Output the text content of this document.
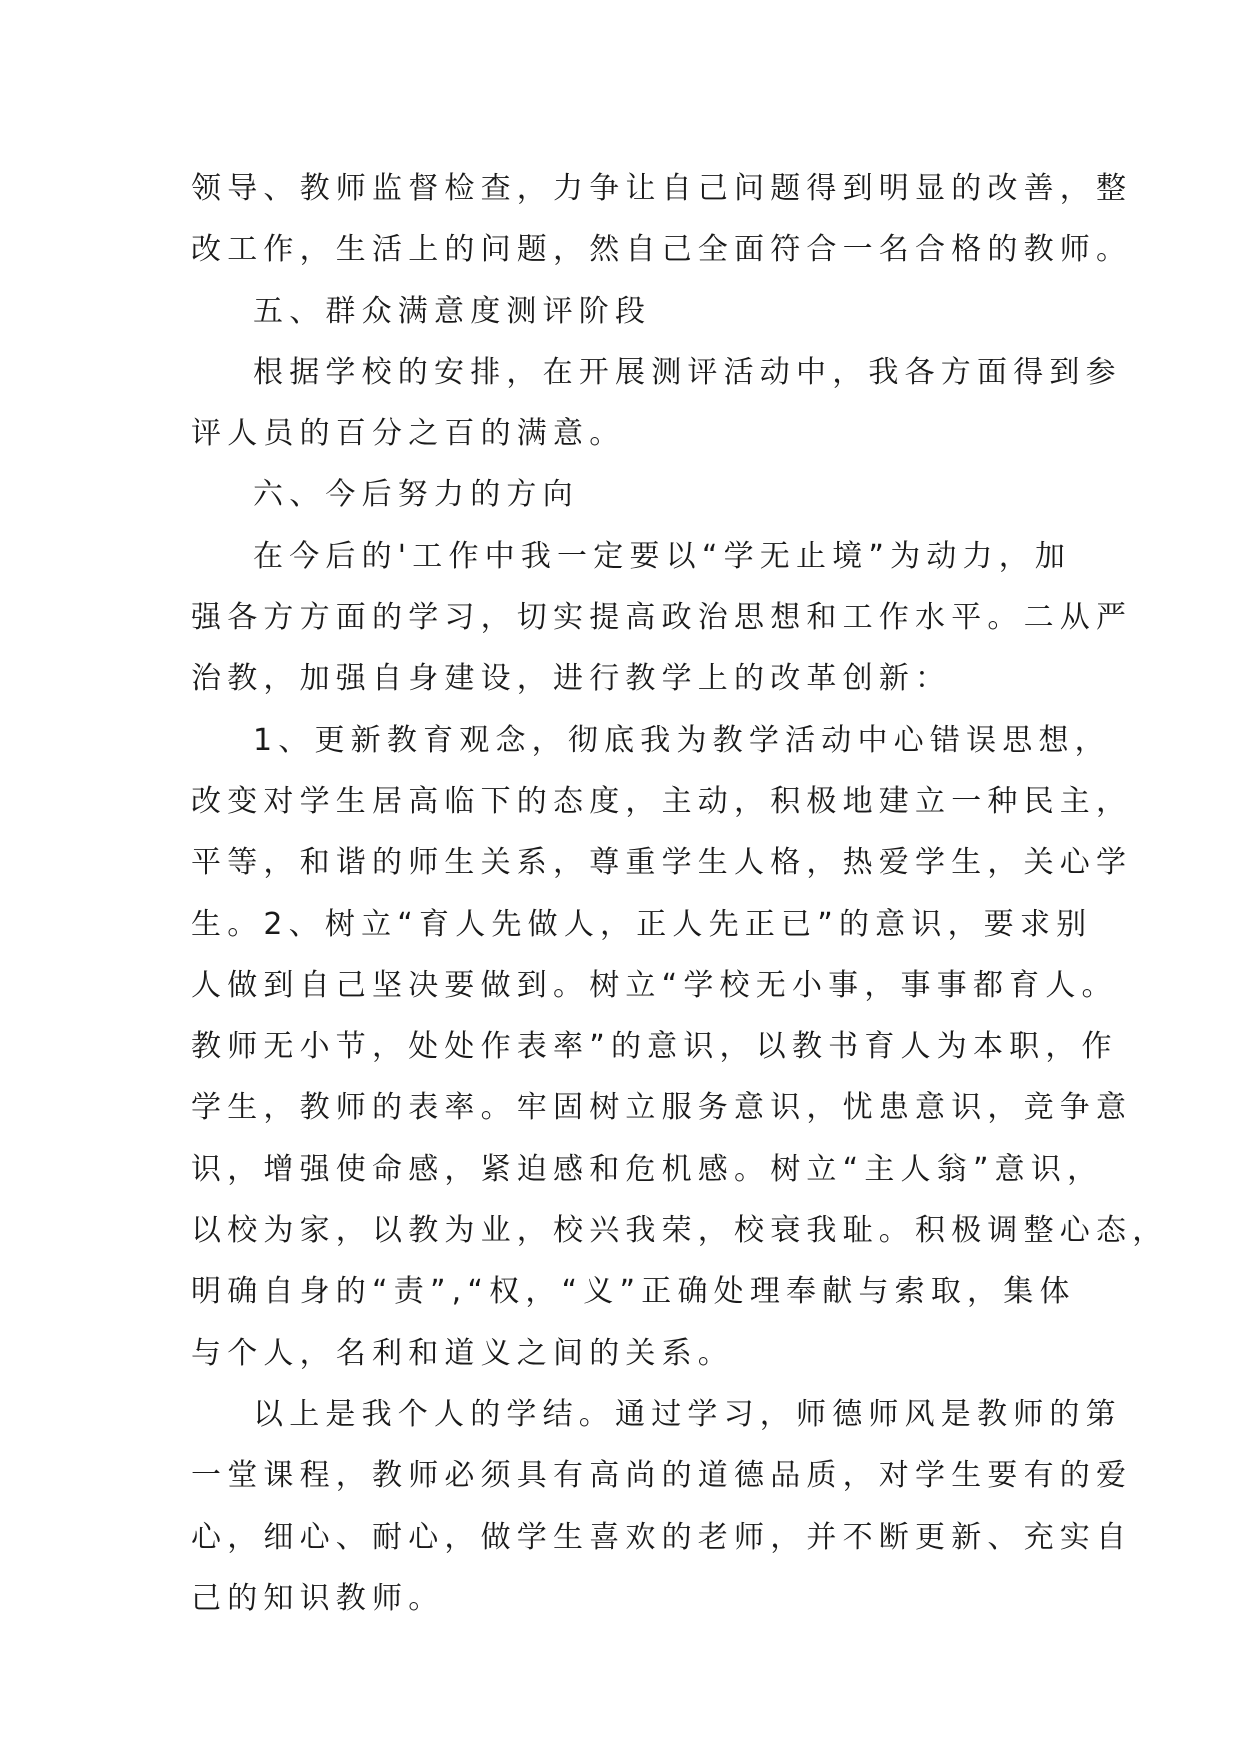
领导、教师监督检查，力争让自己问题得到明显的改善，整
改工作，生活上的问题，然自己全面符合一名合格的教师。
五、群众满意度测评阶段
根据学校的安排，在开展测评活动中，我各方面得到参
评人员的百分之百的满意。
六、今后努力的方向
在今后的'工作中我一定要以“学无止境”为动力，加
强各方方面的学习，切实提高政治思想和工作水平。二从严
治教，加强自身建设，进行教学上的改革创新：
1、更新教育观念，彻底我为教学活动中心错误思想，
改变对学生居高临下的态度，主动，积极地建立一种民主，
平等，和谐的师生关系，尊重学生人格，热爱学生，关心学
生。2、树立“育人先做人，正人先正已”的意识，要求别
人做到自己坚决要做到。树立“学校无小事，事事都育人。
教师无小节，处处作表率”的意识，以教书育人为本职，作
学生，教师的表率。牢固树立服务意识，忧患意识，竞争意
识，增强使命感，紧迫感和危机感。树立“主人翁”意识，
以校为家，以教为业，校兴我荣，校衰我耻。积极调整心态，
明确自身的“责”,“权，“义”正确处理奉献与索取，集体
与个人，名利和道义之间的关系。
以上是我个人的学结。通过学习，师德师风是教师的第
一堂课程，教师必须具有高尚的道德品质，对学生要有的爱
心，细心、耐心，做学生喜欢的老师，并不断更新、充实自
己的知识教师。
